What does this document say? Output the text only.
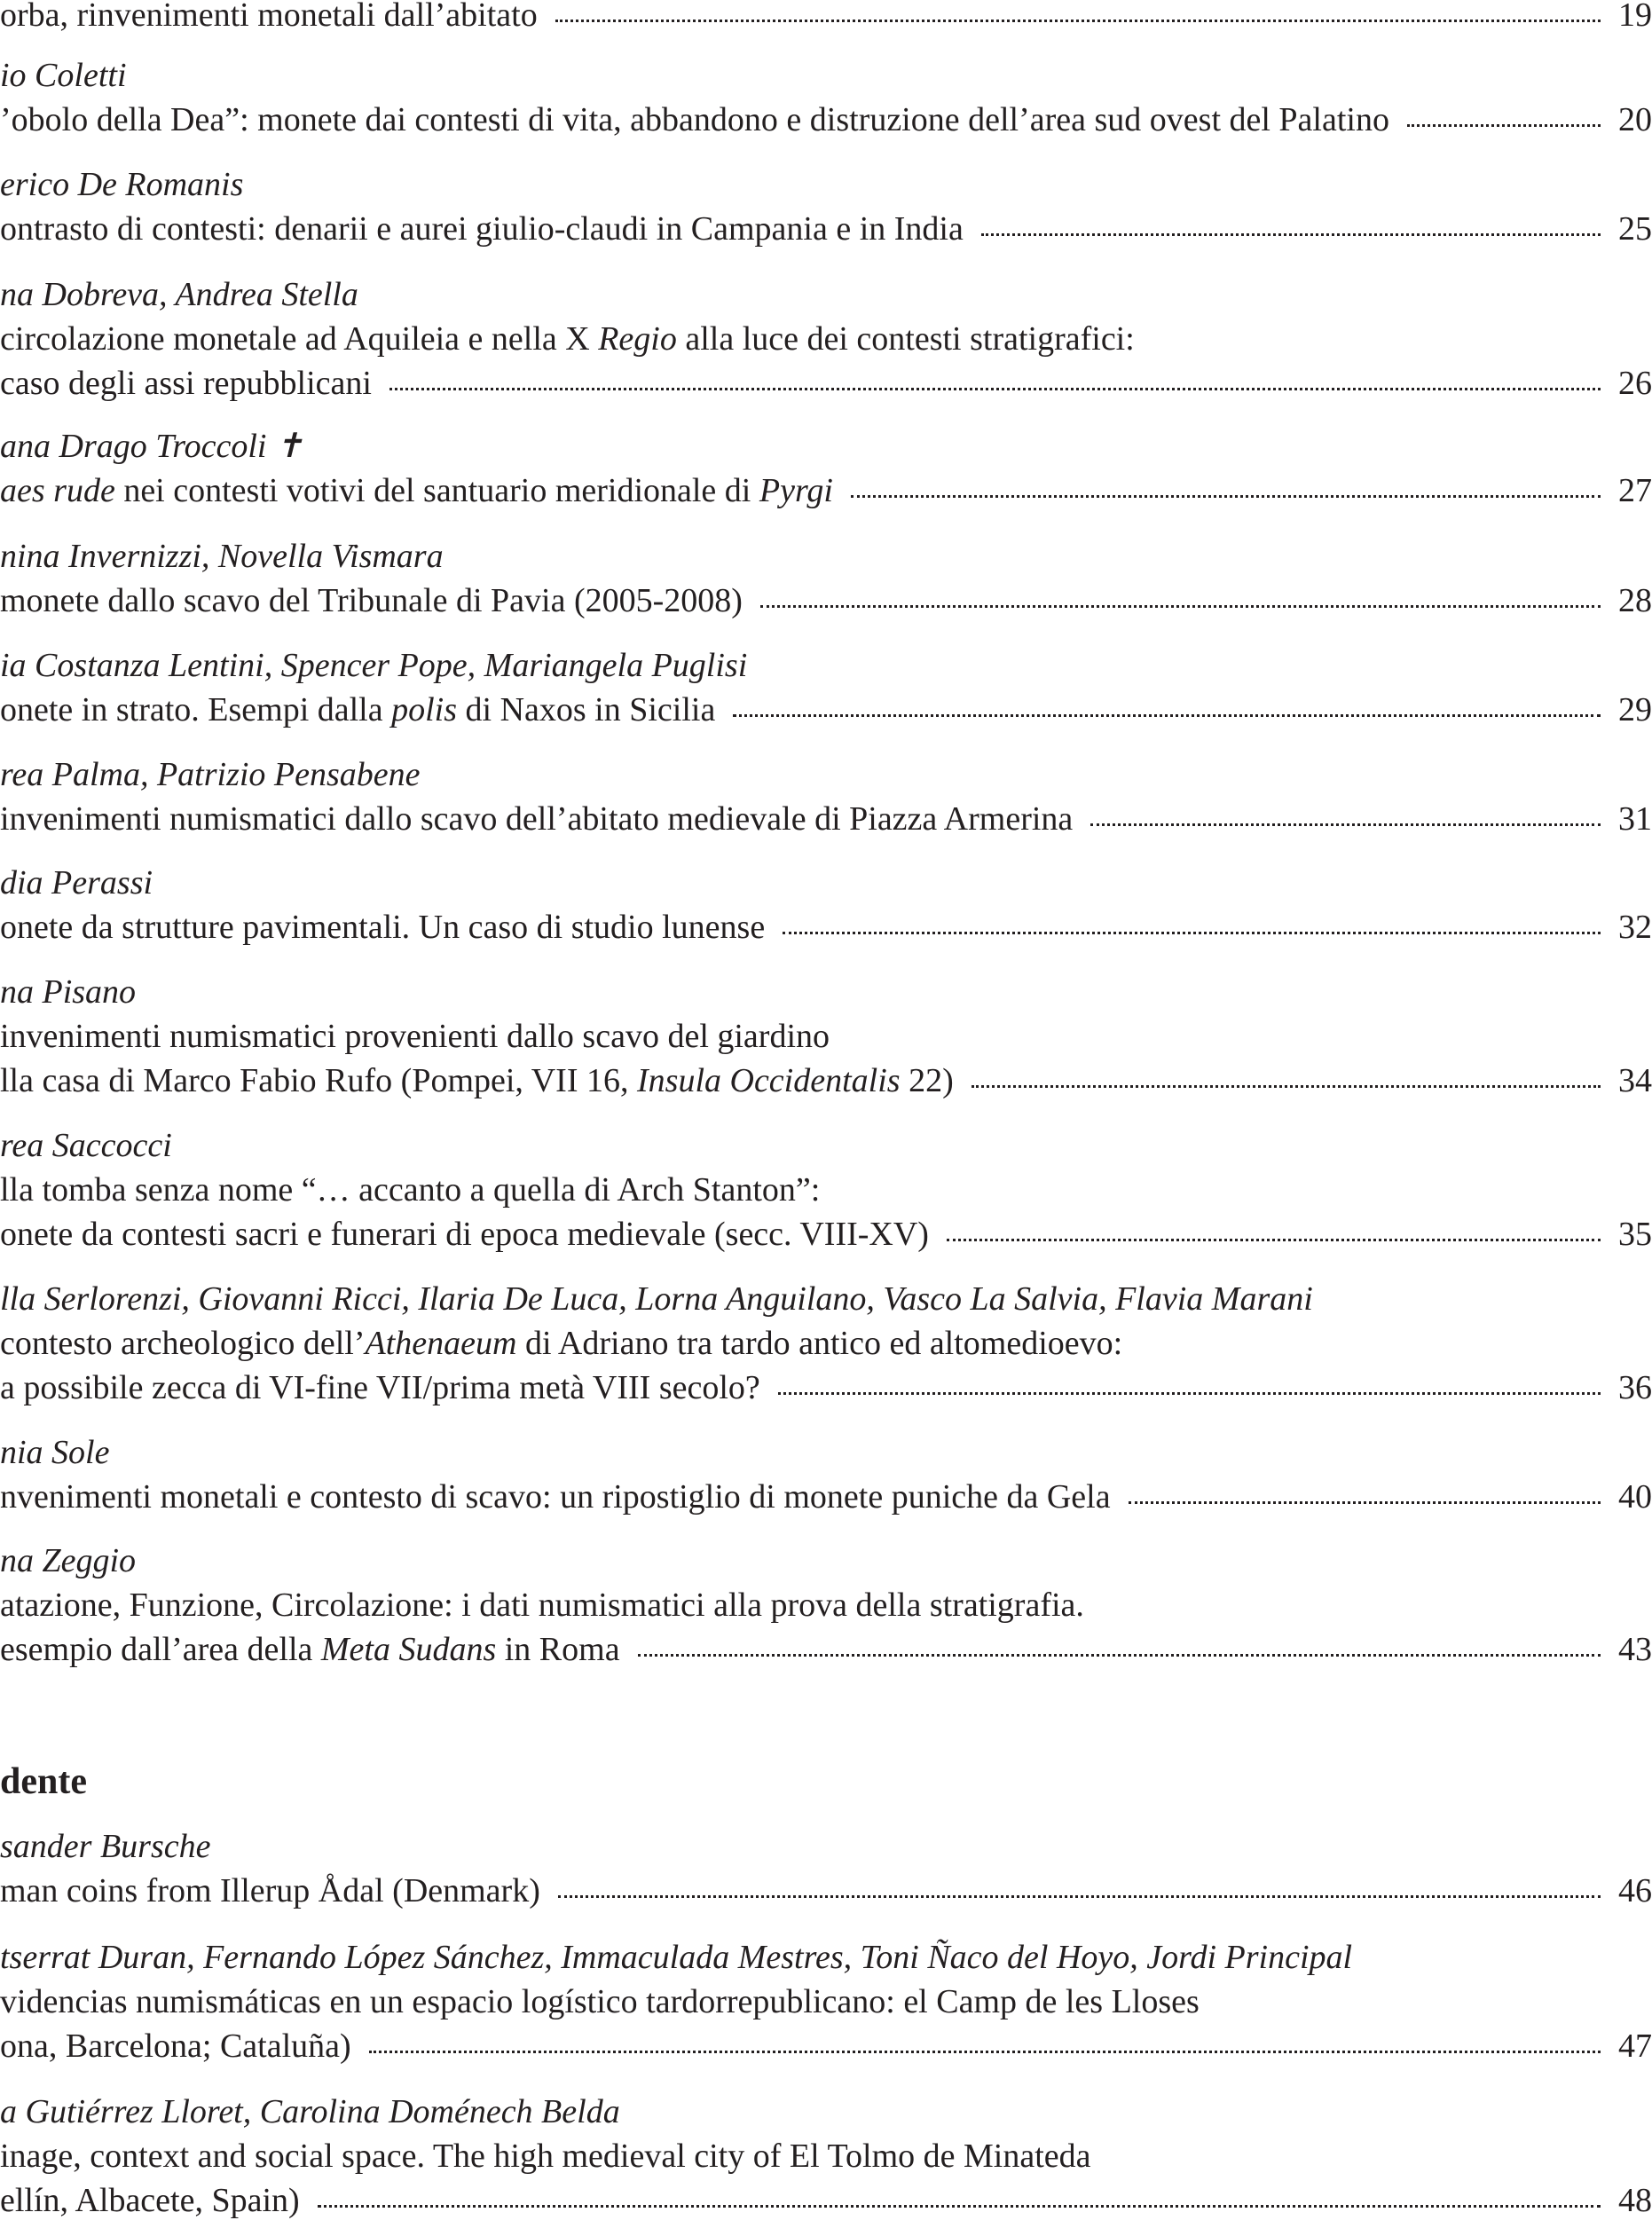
orba, rinvenimenti monetali dall’abitato	19
io Coletti
’obolo della Dea”: monete dai contesti di vita, abbandono e distruzione dell’area sud ovest del Palatino	20
erico De Romanis
ontrasto di contesti: denarii e aurei giulio-claudi in Campania e in India	25
na Dobreva, Andrea Stella
circolazione monetale ad Aquileia e nella X Regio alla luce dei contesti stratigrafici:
caso degli assi repubblicani	26
ana Drago Troccoli ✝
aes rude nei contesti votivi del santuario meridionale di Pyrgi	27
nina Invernizzi, Novella Vismara
monete dallo scavo del Tribunale di Pavia (2005-2008)	28
ia Costanza Lentini, Spencer Pope, Mariangela Puglisi
onete in strato. Esempi dalla polis di Naxos in Sicilia	29
rea Palma, Patrizio Pensabene
invenimenti numismatici dallo scavo dell’abitato medievale di Piazza Armerina	31
dia Perassi
onete da strutture pavimentali. Un caso di studio lunense	32
na Pisano
invenimenti numismatici provenienti dallo scavo del giardino
lla casa di Marco Fabio Rufo (Pompei, VII 16, Insula Occidentalis 22)	34
rea Saccocci
lla tomba senza nome “… accanto a quella di Arch Stanton”:
onete da contesti sacri e funerari di epoca medievale (secc. VIII-XV)	35
lla Serlorenzi, Giovanni Ricci, Ilaria De Luca, Lorna Anguilano, Vasco La Salvia, Flavia Marani
contesto archeologico dell’Athenaeum di Adriano tra tardo antico ed altomedioevo:
a possibile zecca di VI-fine VII/prima metà VIII secolo?	36
nia Sole
nvenimenti monetali e contesto di scavo: un ripostiglio di monete puniche da Gela	40
na Zeggio
atazione, Funzione, Circolazione: i dati numismatici alla prova della stratigrafia.
esempio dall’area della Meta Sudans in Roma	43
dente
sander Bursche
man coins from Illerup Ådal (Denmark)	46
tserrat Duran, Fernando López Sánchez, Immaculada Mestres, Toni Ñaco del Hoyo, Jordi Principal
videncias numismáticas en un espacio logístico tardorrepublicano: el Camp de les Lloses
ona, Barcelona; Cataluña)	47
a Gutiérrez Lloret, Carolina Doménech Belda
inage, context and social space. The high medieval city of El Tolmo de Minateda
ellín, Albacete, Spain)	48
